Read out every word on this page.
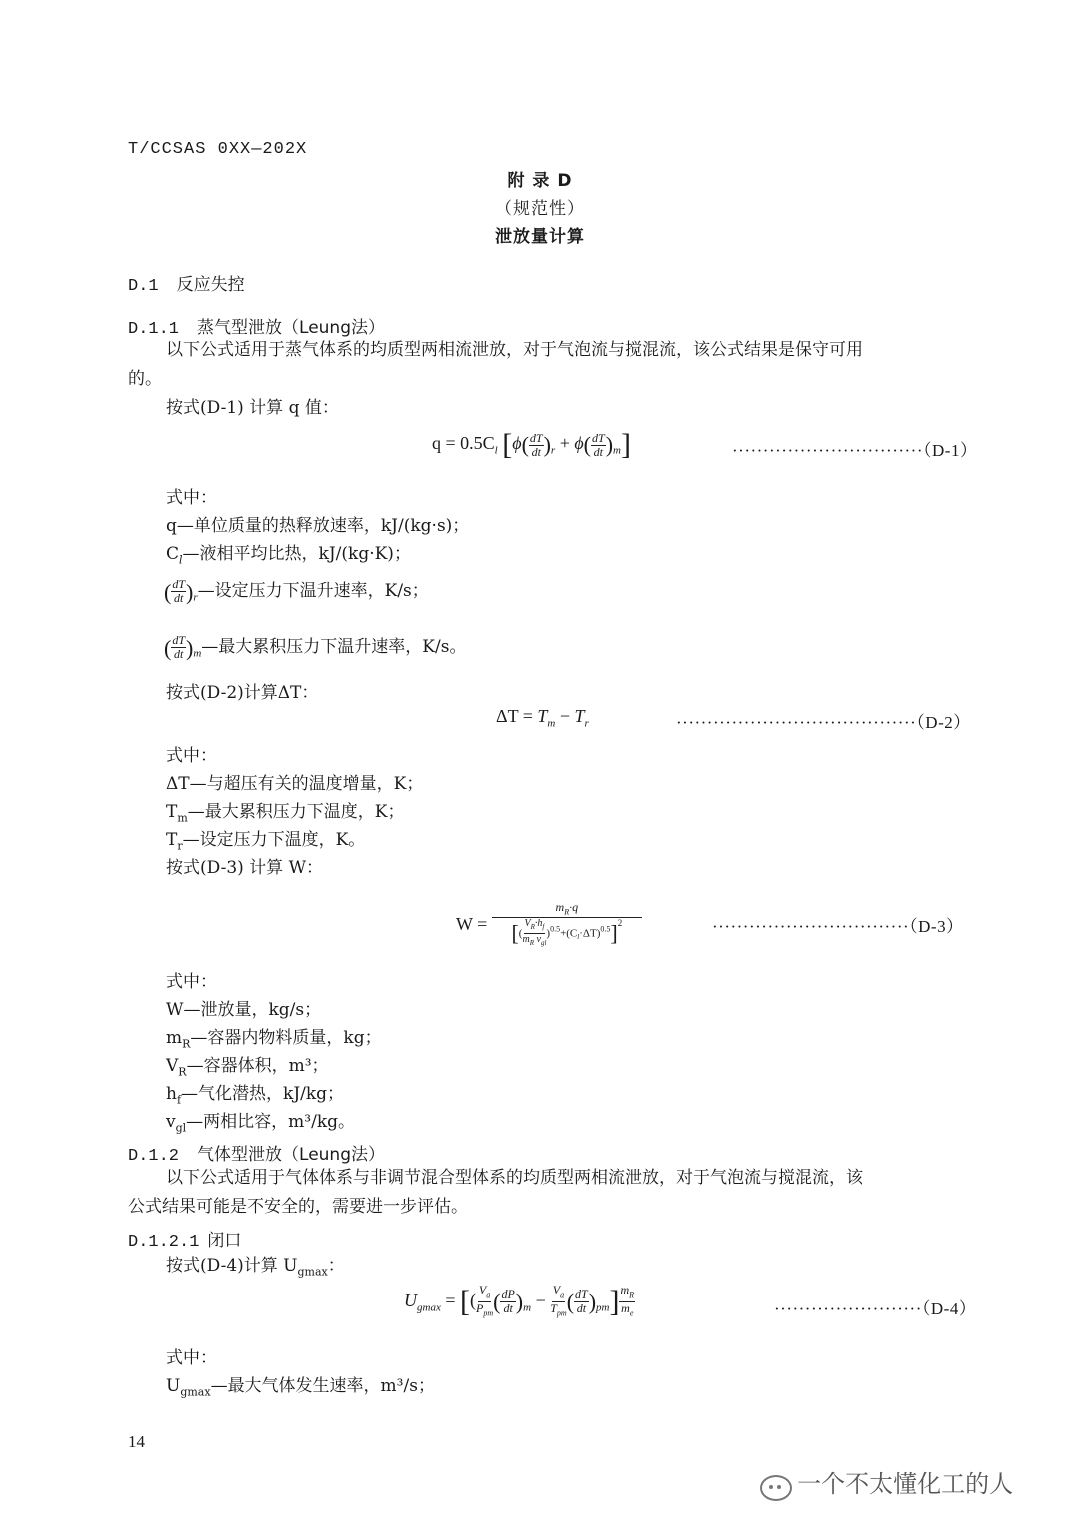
T/CCSAS 0XX—202X
附 录 D
（规范性）
泄放量计算
D.1 反应失控
D.1.1 蒸气型泄放（Leung法）
以下公式适用于蒸气体系的均质型两相流泄放，对于气泡流与搅混流，该公式结果是保守可用
的。
按式(D-1) 计算 q 值：
$q = 0.5C_l$ $[\phi( \frac{dT}{dt} )_r + \phi( \frac{dT}{dt} )_m]$	·······························（D-1）
式中：
q—单位质量的热释放速率，kJ/(kg·s)；
$C_l—$液相平均比热，kJ/(kg·K)；
( $\frac{dT}{dt}$ )$_r—$设定压力下温升速率，K/s；
( $\frac{dT}{dt}$ )$_m—$最大累积压力下温升速率，K/s。
按式(D-2)计算ΔT：
$\Delta T = T_m - T_r$	·······································（D-2）
式中：
ΔT—与超压有关的温度增量，K；
$T_m—$最大累积压力下温度，K；
$T_r—$设定压力下温度，K。
按式(D-3) 计算 W：
W =
$m_R\cdot q$
[( $\frac{V_R\cdot h_f}{m_R v_{gl}} )^{0.5}+(C_l\cdot\Delta T)^{0.5}]^2$	································（D-3）
式中：
W—泄放量，kg/s；
$m_R—$容器内物料质量，kg；
$V_R—$容器体积，m³；
$h_f—$气化潜热，kJ/kg；
$v_{gl}—$两相比容，m³/kg。
D.1.2 气体型泄放（Leung法）
以下公式适用于气体体系与非调节混合型体系的均质型两相流泄放，对于气泡流与搅混流，该
公式结果可能是不安全的，需要进一步评估。
D.1.2.1 闭口
按式(D-4)计算 $U_{gmax}$：
$U_{gmax}$ = [( $\frac{V_a}{P_{pm}}$ ( $\frac{dP}{dt} )_m - \frac{V_a}{T_{pm}}$ ( $\frac{dT}{dt} )_{pm}] \frac{m_R}{m_e}$	························（D-4）
式中：
$U_{gmax}—$最大气体发生速率，m³/s；
14
一个不太懂化工的人
